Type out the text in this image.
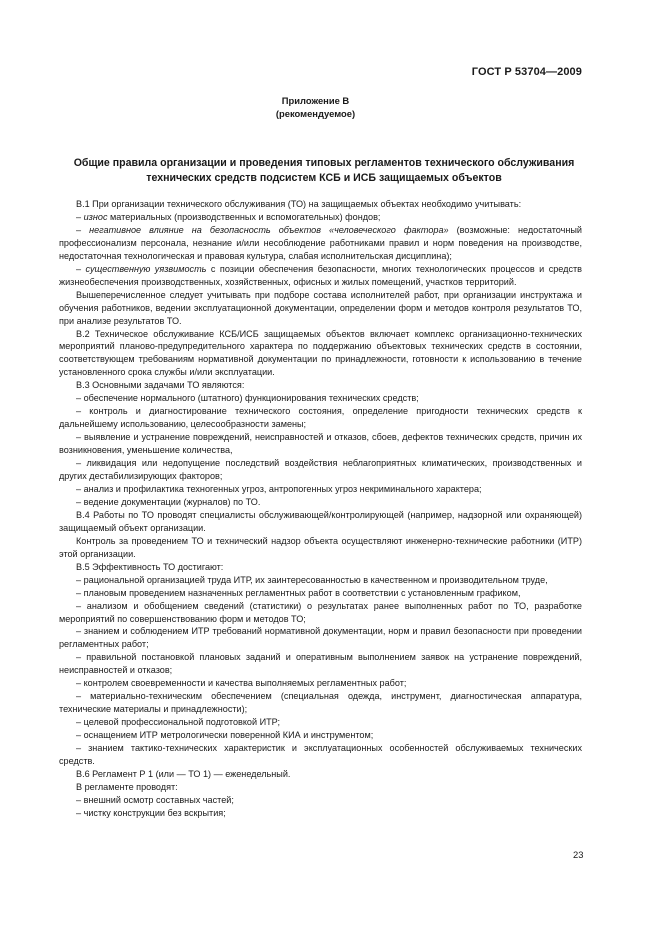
ГОСТ Р 53704—2009
Приложение В
(рекомендуемое)
Общие правила организации и проведения типовых регламентов технического обслуживания технических средств подсистем КСБ и ИСБ защищаемых объектов

В.1 При организации технического обслуживания (ТО) на защищаемых объектах необходимо учитывать:

– износ материальных (производственных и вспомогательных) фондов;

– негативное влияние на безопасность объектов «человеческого фактора» (возможные: недостаточный профессионализм персонала, незнание и/или несоблюдение работниками правил и норм поведения на производстве, недостаточная технологическая и правовая культура, слабая исполнительская дисциплина);

– существенную уязвимость с позиции обеспечения безопасности, многих технологических процессов и средств жизнеобеспечения производственных, хозяйственных, офисных и жилых помещений, участков территорий.

Вышеперечисленное следует учитывать при подборе состава исполнителей работ, при организации инструктажа и обучения работников, ведении эксплуатационной документации, определении форм и методов контроля результатов ТО, при анализе результатов ТО.

В.2 Техническое обслуживание КСБ/ИСБ защищаемых объектов включает комплекс организационно-технических мероприятий планово-предупредительного характера по поддержанию объектовых технических средств в состоянии, соответствующем требованиям нормативной документации по принадлежности, готовности к использованию в течение установленного срока службы и/или эксплуатации.

В.3 Основными задачами ТО являются:

– обеспечение нормального (штатного) функционирования технических средств;

– контроль и диагностирование технического состояния, определение пригодности технических средств к дальнейшему использованию, целесообразности замены;

– выявление и устранение повреждений, неисправностей и отказов, сбоев, дефектов технических средств, причин их возникновения, уменьшение количества,

– ликвидация или недопущение последствий воздействия неблагоприятных климатических, производственных и других дестабилизирующих факторов;

– анализ и профилактика техногенных угроз, антропогенных угроз некриминального характера;

– ведение документации (журналов) по ТО.

В.4 Работы по ТО проводят специалисты обслуживающей/контролирующей (например, надзорной или охраняющей) защищаемый объект организации.

Контроль за проведением ТО и технический надзор объекта осуществляют инженерно-технические работники (ИТР) этой организации.

В.5 Эффективность ТО достигают:

– рациональной организацией труда ИТР, их заинтересованностью в качественном и производительном труде,

– плановым проведением назначенных регламентных работ в соответствии с установленным графиком,

– анализом и обобщением сведений (статистики) о результатах ранее выполненных работ по ТО, разработке мероприятий по совершенствованию форм и методов ТО;

– знанием и соблюдением ИТР требований нормативной документации, норм и правил безопасности при проведении регламентных работ;

– правильной постановкой плановых заданий и оперативным выполнением заявок на устранение повреждений, неисправностей и отказов;

– контролем своевременности и качества выполняемых регламентных работ;

– материально-техническим обеспечением (специальная одежда, инструмент, диагностическая аппаратура, технические материалы и принадлежности);

– целевой профессиональной подготовкой ИТР;

– оснащением ИТР метрологически поверенной КИА и инструментом;

– знанием тактико-технических характеристик и эксплуатационных особенностей обслуживаемых технических средств.

В.6 Регламент Р 1 (или — ТО 1) — еженедельный.

В регламенте проводят:

– внешний осмотр составных частей;

– чистку конструкции без вскрытия;

23
